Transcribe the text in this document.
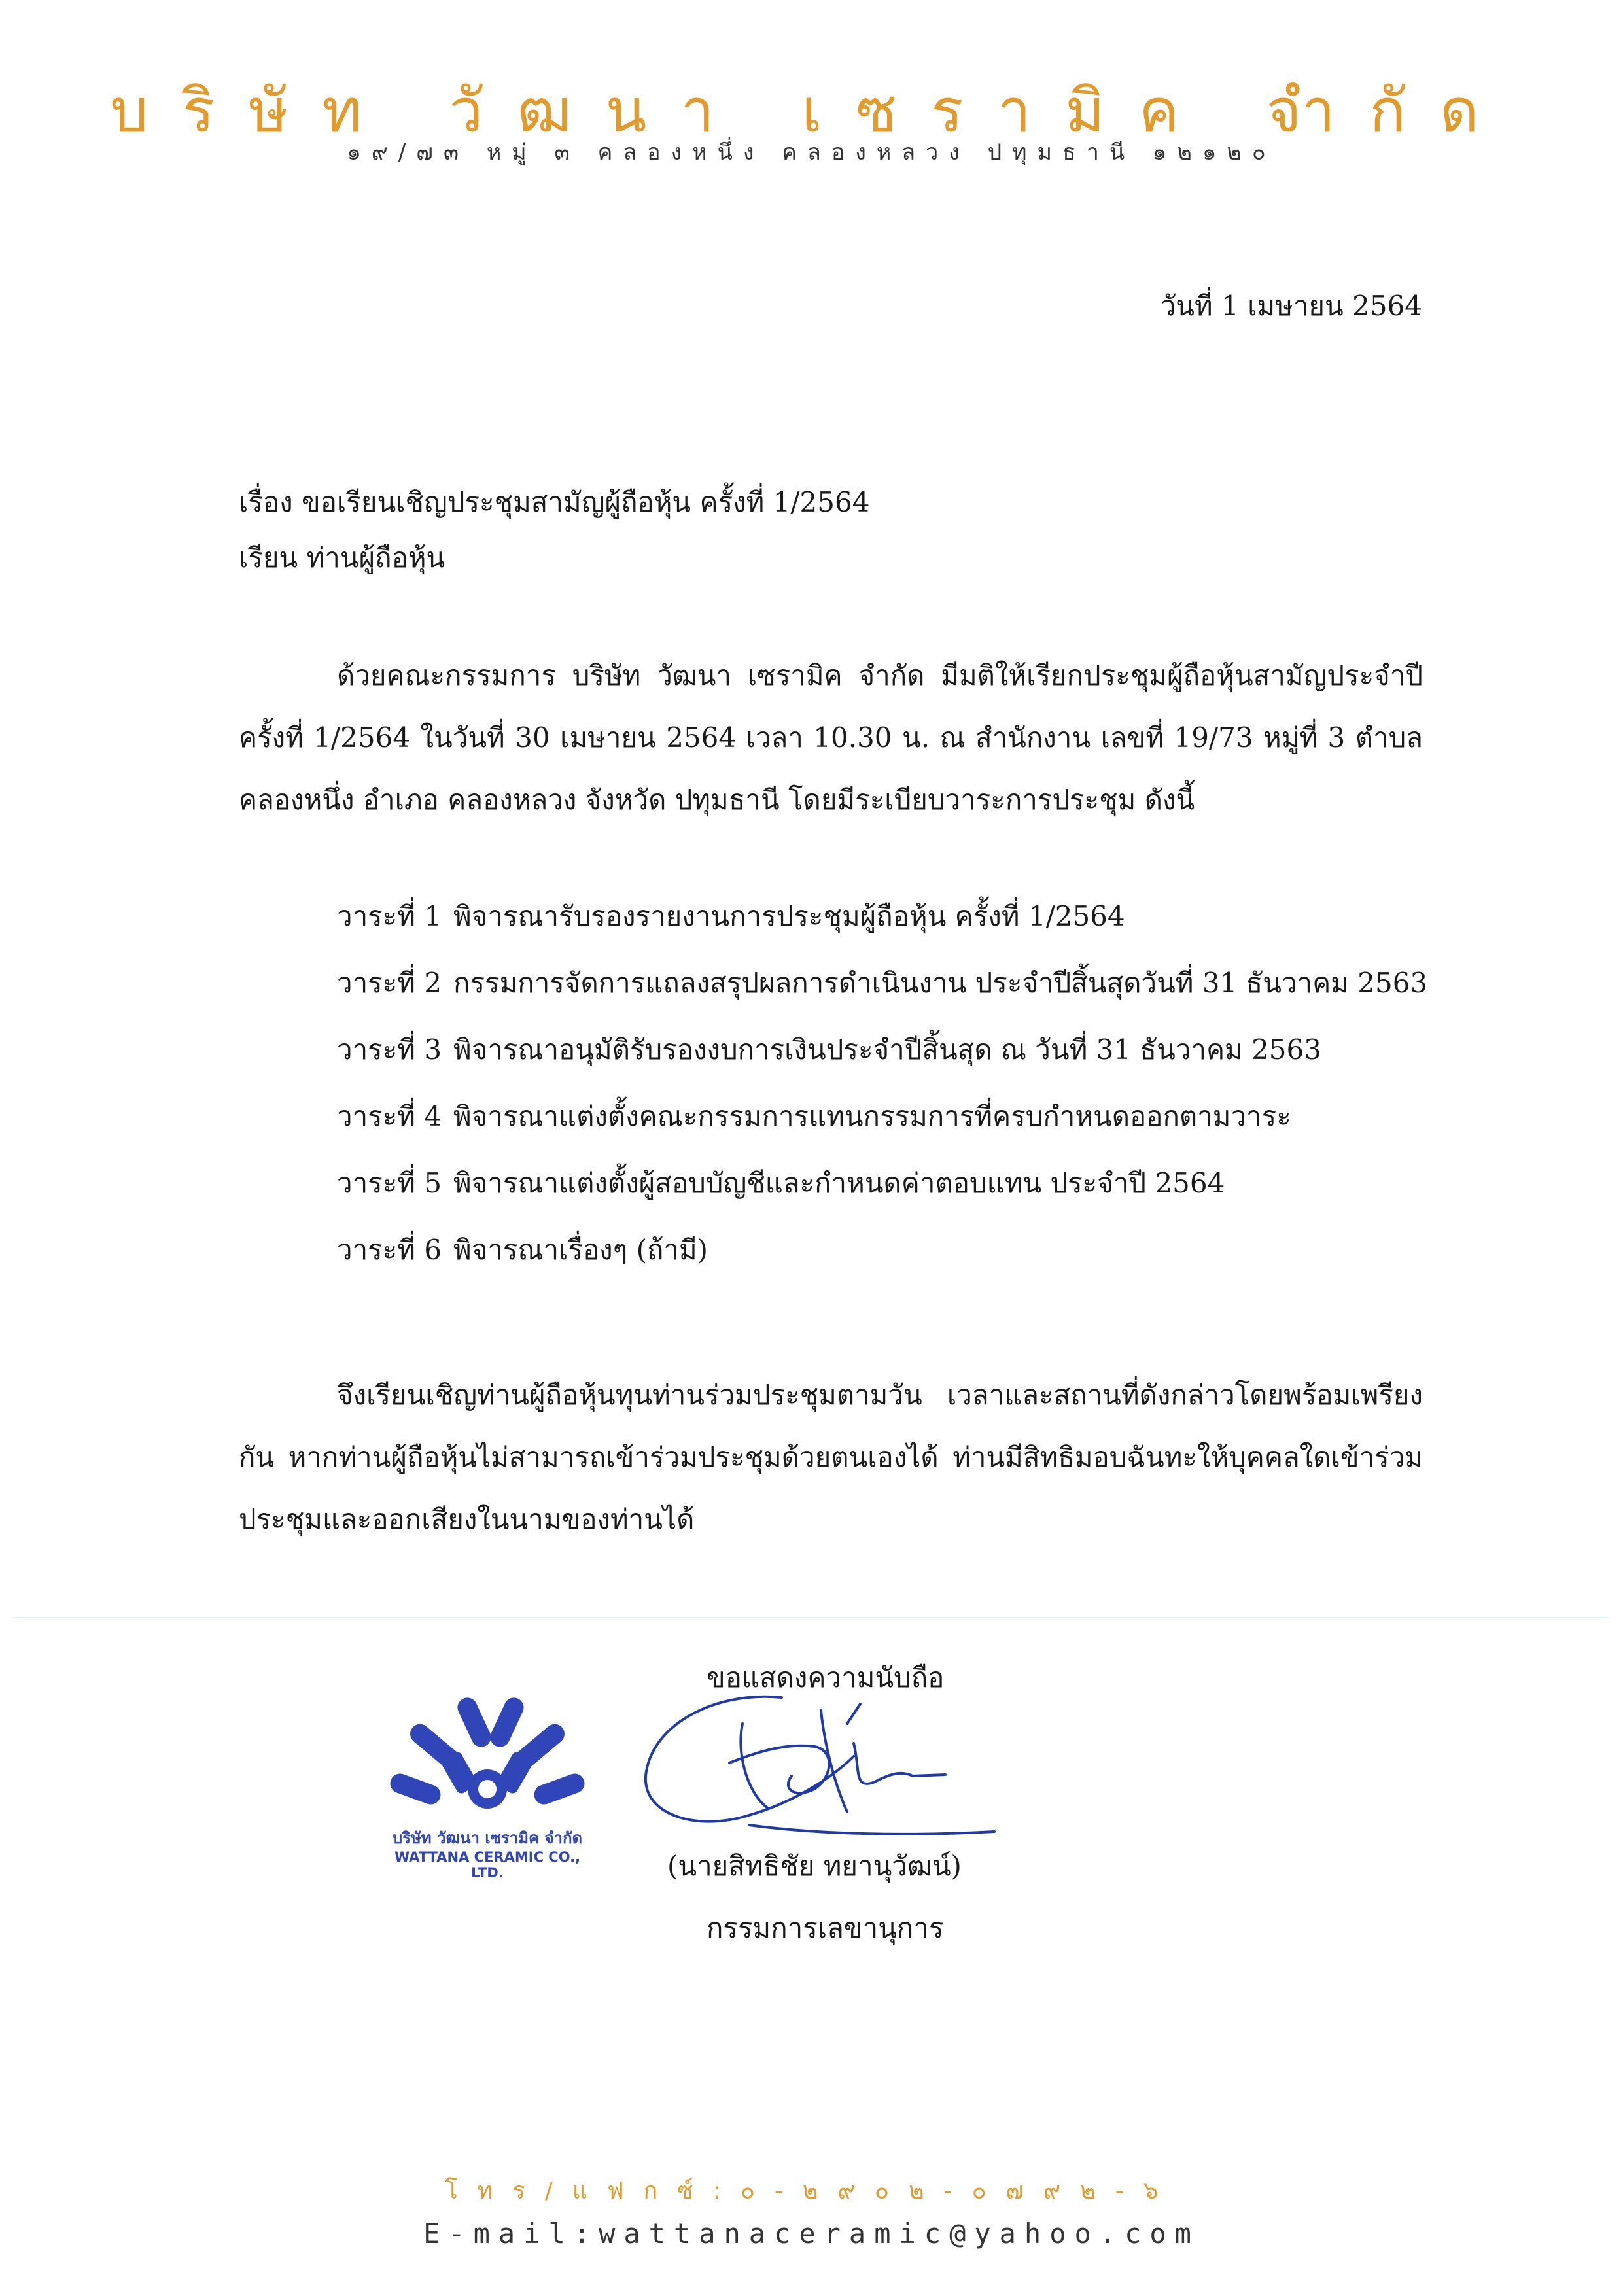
บริษัท วัฒนา เซรามิค จำกัด
๑๙/๗๓ หมู่ ๓ คลองหนึ่ง คลองหลวง ปทุมธานี ๑๒๑๒๐
วันที่ 1 เมษายน 2564
เรื่อง ขอเรียนเชิญประชุมสามัญผู้ถือหุ้น ครั้งที่ 1/2564
เรียน ท่านผู้ถือหุ้น
ด้วยคณะกรรมการ บริษัท วัฒนา เซรามิค จำกัด มีมติให้เรียกประชุมผู้ถือหุ้นสามัญประจำปี ครั้งที่ 1/2564 ในวันที่ 30 เมษายน 2564 เวลา 10.30 น. ณ สำนักงาน เลขที่ 19/73 หมู่ที่ 3 ตำบลคลองหนึ่ง อำเภอ คลองหลวง จังหวัด ปทุมธานี โดยมีระเบียบวาระการประชุม ดังนี้
วาระที่ 1 พิจารณารับรองรายงานการประชุมผู้ถือหุ้น ครั้งที่ 1/2564
วาระที่ 2 กรรมการจัดการแถลงสรุปผลการดำเนินงาน ประจำปีสิ้นสุดวันที่ 31 ธันวาคม 2563
วาระที่ 3 พิจารณาอนุมัติรับรองงบการเงินประจำปีสิ้นสุด ณ วันที่ 31 ธันวาคม 2563
วาระที่ 4 พิจารณาแต่งตั้งคณะกรรมการแทนกรรมการที่ครบกำหนดออกตามวาระ
วาระที่ 5 พิจารณาแต่งตั้งผู้สอบบัญชีและกำหนดค่าตอบแทน ประจำปี 2564
วาระที่ 6 พิจารณาเรื่องๆ (ถ้ามี)
จึงเรียนเชิญท่านผู้ถือหุ้นทุนท่านร่วมประชุมตามวัน เวลาและสถานที่ดังกล่าวโดยพร้อมเพรียงกัน หากท่านผู้ถือหุ้นไม่สามารถเข้าร่วมประชุมด้วยตนเองได้ ท่านมีสิทธิมอบฉันทะให้บุคคลใดเข้าร่วมประชุมและออกเสียงในนามของท่านได้
บริษัท วัฒนา เซรามิค จำกัด
WATTANA CERAMIC CO., LTD.
ขอแสดงความนับถือ
(นายสิทธิชัย ทยานุวัฒน์)
กรรมการเลขานุการ
โทร/แฟกซ์:๐-๒๙๐๒-๐๗๙๒-๖
E-mail:wattanaceramic@yahoo.com
